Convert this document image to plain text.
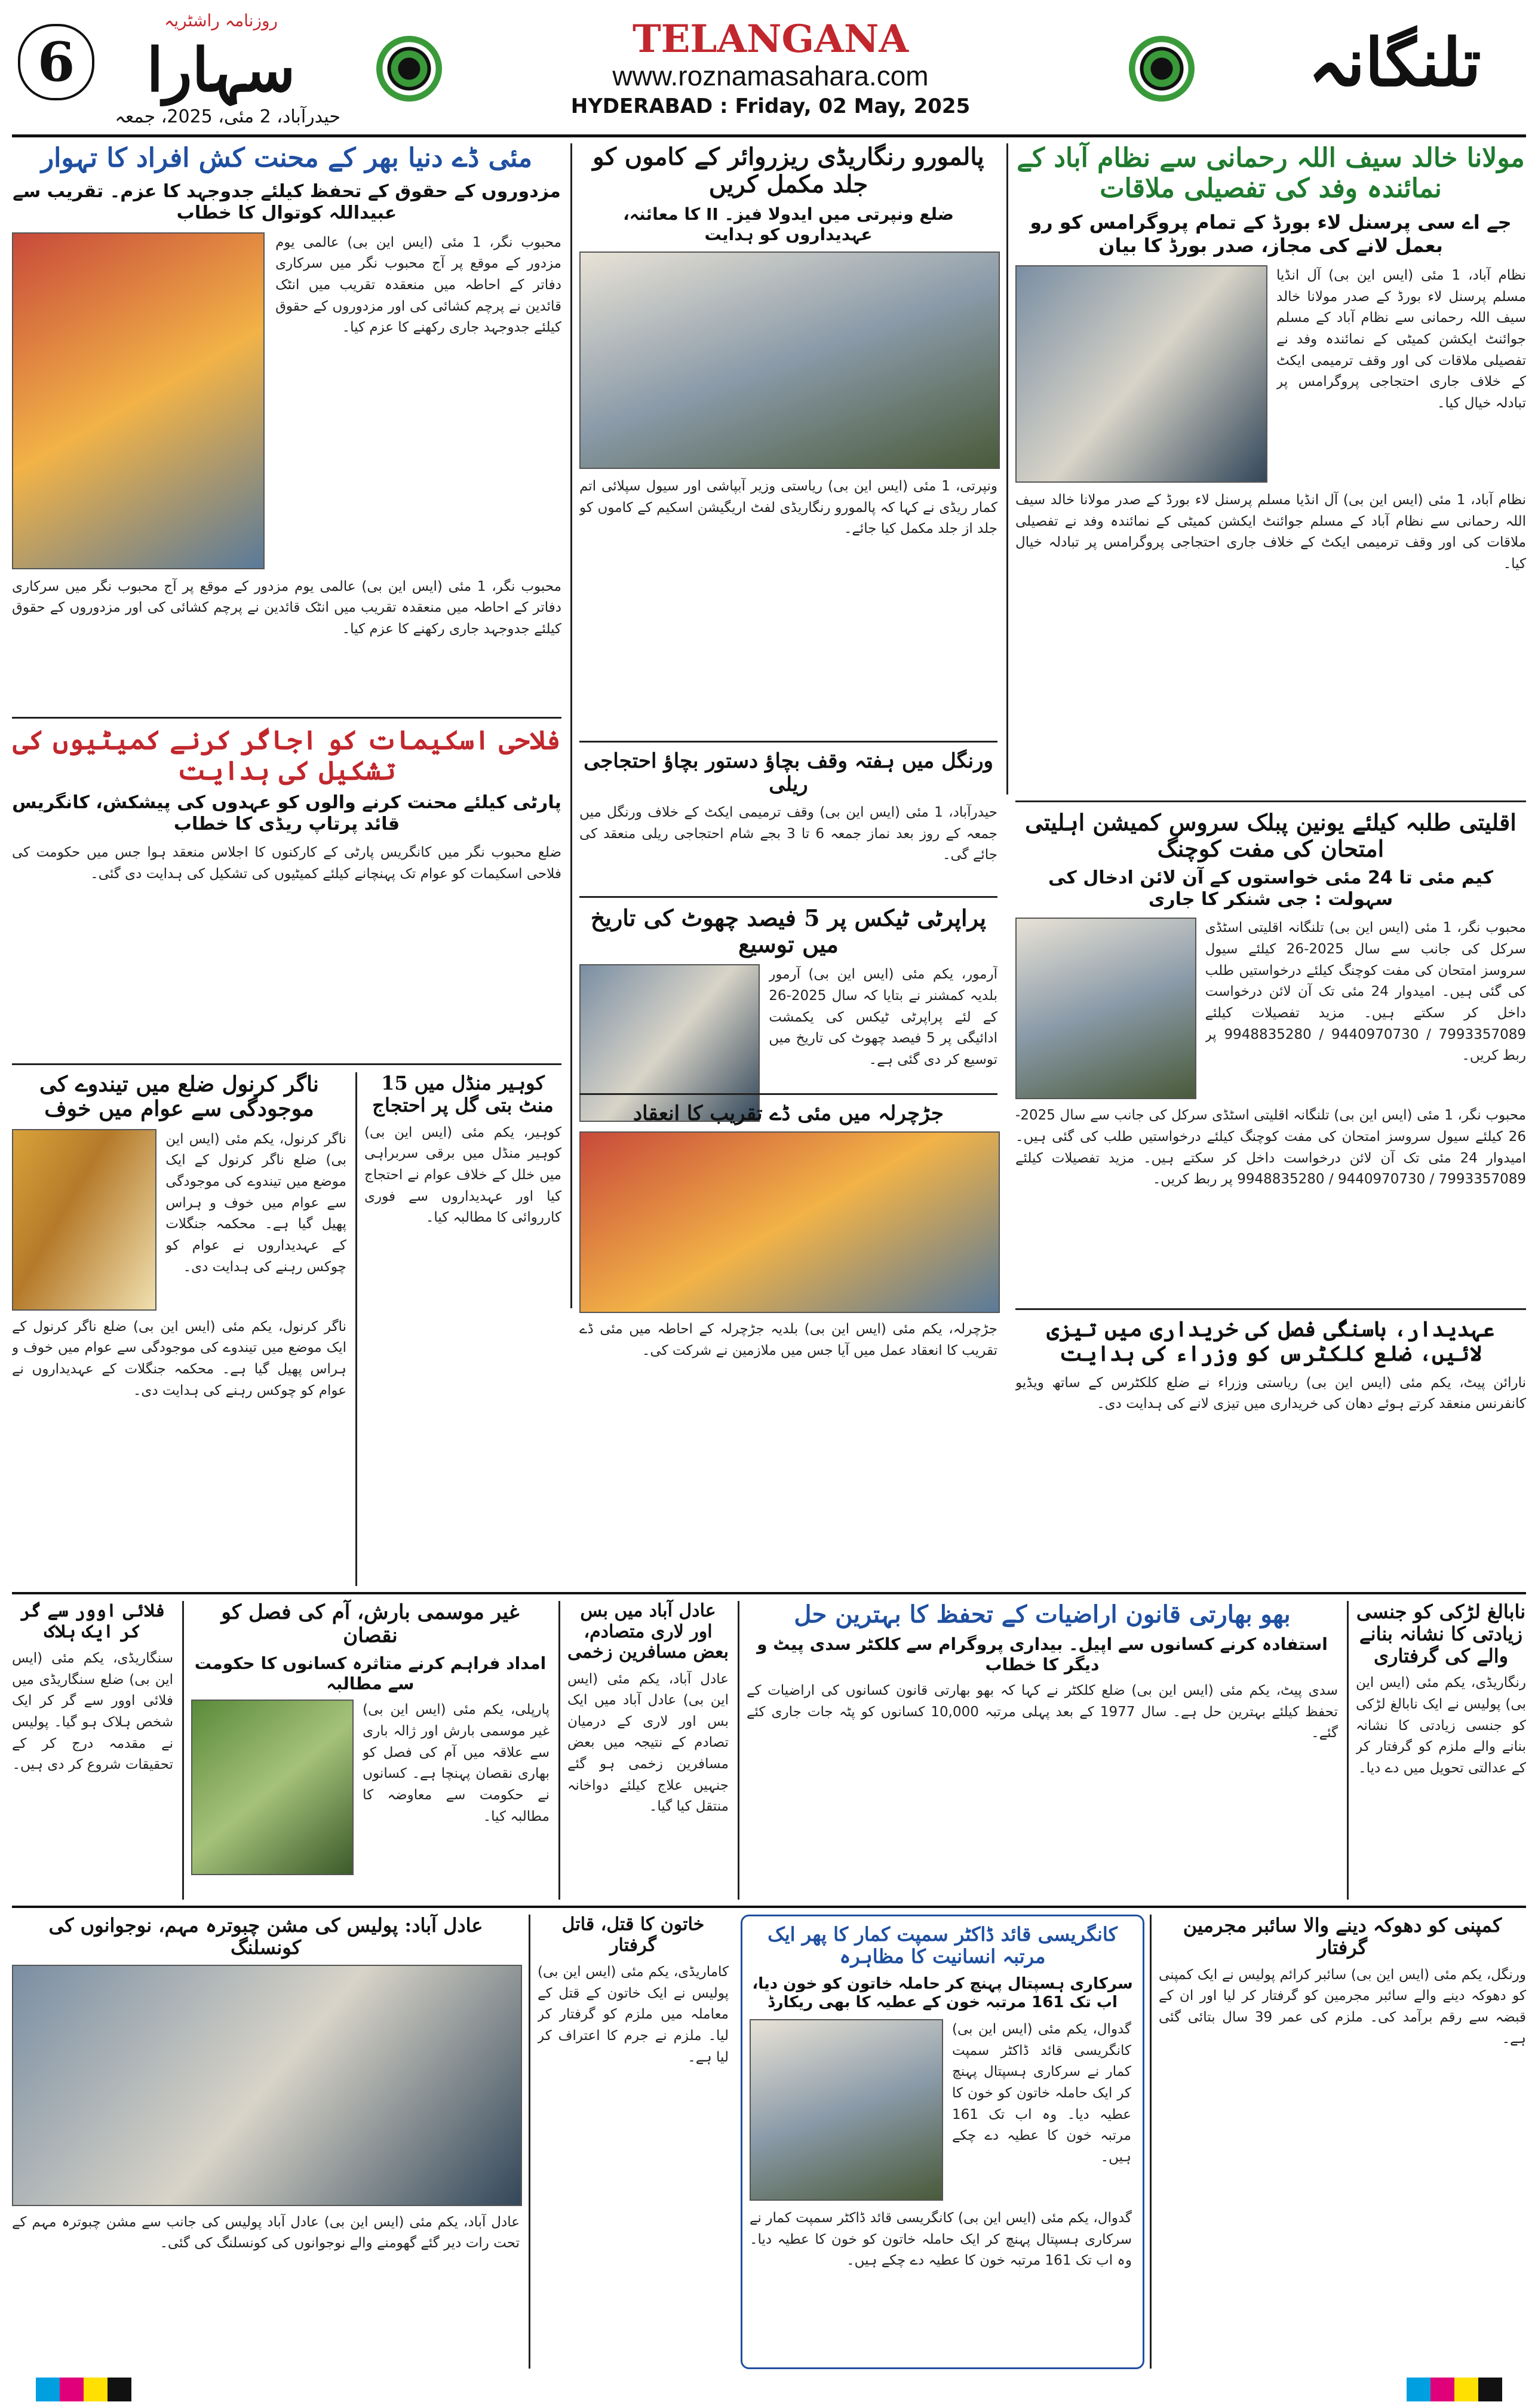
6
روزنامہ راشٹریہ
سہارا
حیدرآباد، 2 مئی، 2025، جمعہ
TELANGANA
www.roznamasahara.com
HYDERABAD : Friday, 02 May, 2025
تلنگانہ
مولانا خالد سیف اللہ رحمانی سے نظام آباد کے نمائندہ وفد کی تفصیلی ملاقات
جے اے سی پرسنل لاء بورڈ کے تمام پروگرامس کو رو بعمل لانے کی مجاز، صدر بورڈ کا بیان
نظام آباد، 1 مئی (ایس این بی) آل انڈیا مسلم پرسنل لاء بورڈ کے صدر مولانا خالد سیف اللہ رحمانی سے نظام آباد کے مسلم جوائنٹ ایکشن کمیٹی کے نمائندہ وفد نے تفصیلی ملاقات کی اور وقف ترمیمی ایکٹ کے خلاف جاری احتجاجی پروگرامس پر تبادلہ خیال کیا۔
نظام آباد، 1 مئی (ایس این بی) آل انڈیا مسلم پرسنل لاء بورڈ کے صدر مولانا خالد سیف اللہ رحمانی سے نظام آباد کے مسلم جوائنٹ ایکشن کمیٹی کے نمائندہ وفد نے تفصیلی ملاقات کی اور وقف ترمیمی ایکٹ کے خلاف جاری احتجاجی پروگرامس پر تبادلہ خیال کیا۔
پالمورو رنگاریڈی ریزروائر کے کاموں کو جلد مکمل کریں
ضلع ونپرتی میں ایدولا فیز۔ II کا معائنہ، عہدیداروں کو ہدایت
ونپرتی، 1 مئی (ایس این بی) ریاستی وزیر آبپاشی اور سیول سپلائی اتم کمار ریڈی نے کہا کہ پالمورو رنگاریڈی لفٹ اریگیشن اسکیم کے کاموں کو جلد از جلد مکمل کیا جائے۔
مئی ڈے دنیا بھر کے محنت کش افراد کا تہوار
مزدوروں کے حقوق کے تحفظ کیلئے جدوجہد کا عزم۔ تقریب سے عبیداللہ کوتوال کا خطاب
محبوب نگر، 1 مئی (ایس این بی) عالمی یوم مزدور کے موقع پر آج محبوب نگر میں سرکاری دفاتر کے احاطہ میں منعقدہ تقریب میں انٹک قائدین نے پرچم کشائی کی اور مزدوروں کے حقوق کیلئے جدوجہد جاری رکھنے کا عزم کیا۔
محبوب نگر، 1 مئی (ایس این بی) عالمی یوم مزدور کے موقع پر آج محبوب نگر میں سرکاری دفاتر کے احاطہ میں منعقدہ تقریب میں انٹک قائدین نے پرچم کشائی کی اور مزدوروں کے حقوق کیلئے جدوجہد جاری رکھنے کا عزم کیا۔
ورنگل میں ہفتہ وقف بچاؤ دستور بچاؤ احتجاجی ریلی
حیدرآباد، 1 مئی (ایس این بی) وقف ترمیمی ایکٹ کے خلاف ورنگل میں جمعہ کے روز بعد نماز جمعہ 6 تا 3 بجے شام احتجاجی ریلی منعقد کی جائے گی۔
فلاحی اسکیمات کو اجاگر کرنے کمیٹیوں کی تشکیل کی ہدایت
پارٹی کیلئے محنت کرنے والوں کو عہدوں کی پیشکش، کانگریس قائد پرتاپ ریڈی کا خطاب
ضلع محبوب نگر میں کانگریس پارٹی کے کارکنوں کا اجلاس منعقد ہوا جس میں حکومت کی فلاحی اسکیمات کو عوام تک پہنچانے کیلئے کمیٹیوں کی تشکیل کی ہدایت دی گئی۔
پراپرٹی ٹیکس پر 5 فیصد چھوٹ کی تاریخ میں توسیع
آرمور، یکم مئی (ایس این بی) آرمور بلدیہ کمشنر نے بتایا کہ سال 2025-26 کے لئے پراپرٹی ٹیکس کی یکمشت ادائیگی پر 5 فیصد چھوٹ کی تاریخ میں توسیع کر دی گئی ہے۔
اقلیتی طلبہ کیلئے یونین پبلک سروس کمیشن اہلیتی امتحان کی مفت کوچنگ
کیم مئی تا 24 مئی خواستوں کے آن لائن ادخال کی سہولت : جی شنکر کا جاری
محبوب نگر، 1 مئی (ایس این بی) تلنگانہ اقلیتی اسٹڈی سرکل کی جانب سے سال 2025-26 کیلئے سیول سروسز امتحان کی مفت کوچنگ کیلئے درخواستیں طلب کی گئی ہیں۔ امیدوار 24 مئی تک آن لائن درخواست داخل کر سکتے ہیں۔ مزید تفصیلات کیلئے 7993357089 / 9440970730 / 9948835280 پر ربط کریں۔
محبوب نگر، 1 مئی (ایس این بی) تلنگانہ اقلیتی اسٹڈی سرکل کی جانب سے سال 2025-26 کیلئے سیول سروسز امتحان کی مفت کوچنگ کیلئے درخواستیں طلب کی گئی ہیں۔ امیدوار 24 مئی تک آن لائن درخواست داخل کر سکتے ہیں۔ مزید تفصیلات کیلئے 7993357089 / 9440970730 / 9948835280 پر ربط کریں۔
ناگر کرنول ضلع میں تیندوے کی موجودگی سے عوام میں خوف
ناگر کرنول، یکم مئی (ایس این بی) ضلع ناگر کرنول کے ایک موضع میں تیندوے کی موجودگی سے عوام میں خوف و ہراس پھیل گیا ہے۔ محکمہ جنگلات کے عہدیداروں نے عوام کو چوکس رہنے کی ہدایت دی۔
ناگر کرنول، یکم مئی (ایس این بی) ضلع ناگر کرنول کے ایک موضع میں تیندوے کی موجودگی سے عوام میں خوف و ہراس پھیل گیا ہے۔ محکمہ جنگلات کے عہدیداروں نے عوام کو چوکس رہنے کی ہدایت دی۔
کوہیر منڈل میں 15 منٹ بتی گل پر احتجاج
کوہیر، یکم مئی (ایس این بی) کوہیر منڈل میں برقی سربراہی میں خلل کے خلاف عوام نے احتجاج کیا اور عہدیداروں سے فوری کارروائی کا مطالبہ کیا۔
جڑچرلہ میں مئی ڈے تقریب کا انعقاد
جڑچرلہ، یکم مئی (ایس این بی) بلدیہ جڑچرلہ کے احاطہ میں مئی ڈے تقریب کا انعقاد عمل میں آیا جس میں ملازمین نے شرکت کی۔
عہدیدار، باسنگی فصل کی خریداری میں تیزی لائیں، ضلع کلکٹرس کو وزراء کی ہدایت
نارائن پیٹ، یکم مئی (ایس این بی) ریاستی وزراء نے ضلع کلکٹرس کے ساتھ ویڈیو کانفرنس منعقد کرتے ہوئے دھان کی خریداری میں تیزی لانے کی ہدایت دی۔
نابالغ لڑکی کو جنسی زیادتی کا نشانہ بنانے والے کی گرفتاری
رنگاریڈی، یکم مئی (ایس این بی) پولیس نے ایک نابالغ لڑکی کو جنسی زیادتی کا نشانہ بنانے والے ملزم کو گرفتار کر کے عدالتی تحویل میں دے دیا۔
بھو بھارتی قانون اراضیات کے تحفظ کا بہترین حل
استفادہ کرنے کسانوں سے اپیل۔ بیداری پروگرام سے کلکٹر سدی پیٹ و دیگر کا خطاب
سدی پیٹ، یکم مئی (ایس این بی) ضلع کلکٹر نے کہا کہ بھو بھارتی قانون کسانوں کی اراضیات کے تحفظ کیلئے بہترین حل ہے۔ سال 1977 کے بعد پہلی مرتبہ 10,000 کسانوں کو پٹہ جات جاری کئے گئے۔
عادل آباد میں بس اور لاری متصادم، بعض مسافرین زخمی
عادل آباد، یکم مئی (ایس این بی) عادل آباد میں ایک بس اور لاری کے درمیان تصادم کے نتیجہ میں بعض مسافرین زخمی ہو گئے جنہیں علاج کیلئے دواخانہ منتقل کیا گیا۔
غیر موسمی بارش، آم کی فصل کو نقصان
امداد فراہم کرنے متاثرہ کسانوں کا حکومت سے مطالبہ
پارپلی، یکم مئی (ایس این بی) غیر موسمی بارش اور ژالہ باری سے علاقہ میں آم کی فصل کو بھاری نقصان پہنچا ہے۔ کسانوں نے حکومت سے معاوضہ کا مطالبہ کیا۔
فلائی اوور سے گر کر ایک ہلاک
سنگاریڈی، یکم مئی (ایس این بی) ضلع سنگاریڈی میں فلائی اوور سے گر کر ایک شخص ہلاک ہو گیا۔ پولیس نے مقدمہ درج کر کے تحقیقات شروع کر دی ہیں۔
کمپنی کو دھوکہ دینے والا سائبر مجرمین گرفتار
ورنگل، یکم مئی (ایس این بی) سائبر کرائم پولیس نے ایک کمپنی کو دھوکہ دینے والے سائبر مجرمین کو گرفتار کر لیا اور ان کے قبضہ سے رقم برآمد کی۔ ملزم کی عمر 39 سال بتائی گئی ہے۔
کانگریسی قائد ڈاکٹر سمپت کمار کا پھر ایک مرتبہ انسانیت کا مظاہرہ
سرکاری ہسپتال پہنچ کر حاملہ خاتون کو خون دیا، اب تک 161 مرتبہ خون کے عطیہ کا بھی ریکارڈ
گدوال، یکم مئی (ایس این بی) کانگریسی قائد ڈاکٹر سمپت کمار نے سرکاری ہسپتال پہنچ کر ایک حاملہ خاتون کو خون کا عطیہ دیا۔ وہ اب تک 161 مرتبہ خون کا عطیہ دے چکے ہیں۔
گدوال، یکم مئی (ایس این بی) کانگریسی قائد ڈاکٹر سمپت کمار نے سرکاری ہسپتال پہنچ کر ایک حاملہ خاتون کو خون کا عطیہ دیا۔ وہ اب تک 161 مرتبہ خون کا عطیہ دے چکے ہیں۔
خاتون کا قتل، قاتل گرفتار
کاماریڈی، یکم مئی (ایس این بی) پولیس نے ایک خاتون کے قتل کے معاملہ میں ملزم کو گرفتار کر لیا۔ ملزم نے جرم کا اعتراف کر لیا ہے۔
عادل آباد: پولیس کی مشن چبوترہ مہم، نوجوانوں کی کونسلنگ
عادل آباد، یکم مئی (ایس این بی) عادل آباد پولیس کی جانب سے مشن چبوترہ مہم کے تحت رات دیر گئے گھومنے والے نوجوانوں کی کونسلنگ کی گئی۔
